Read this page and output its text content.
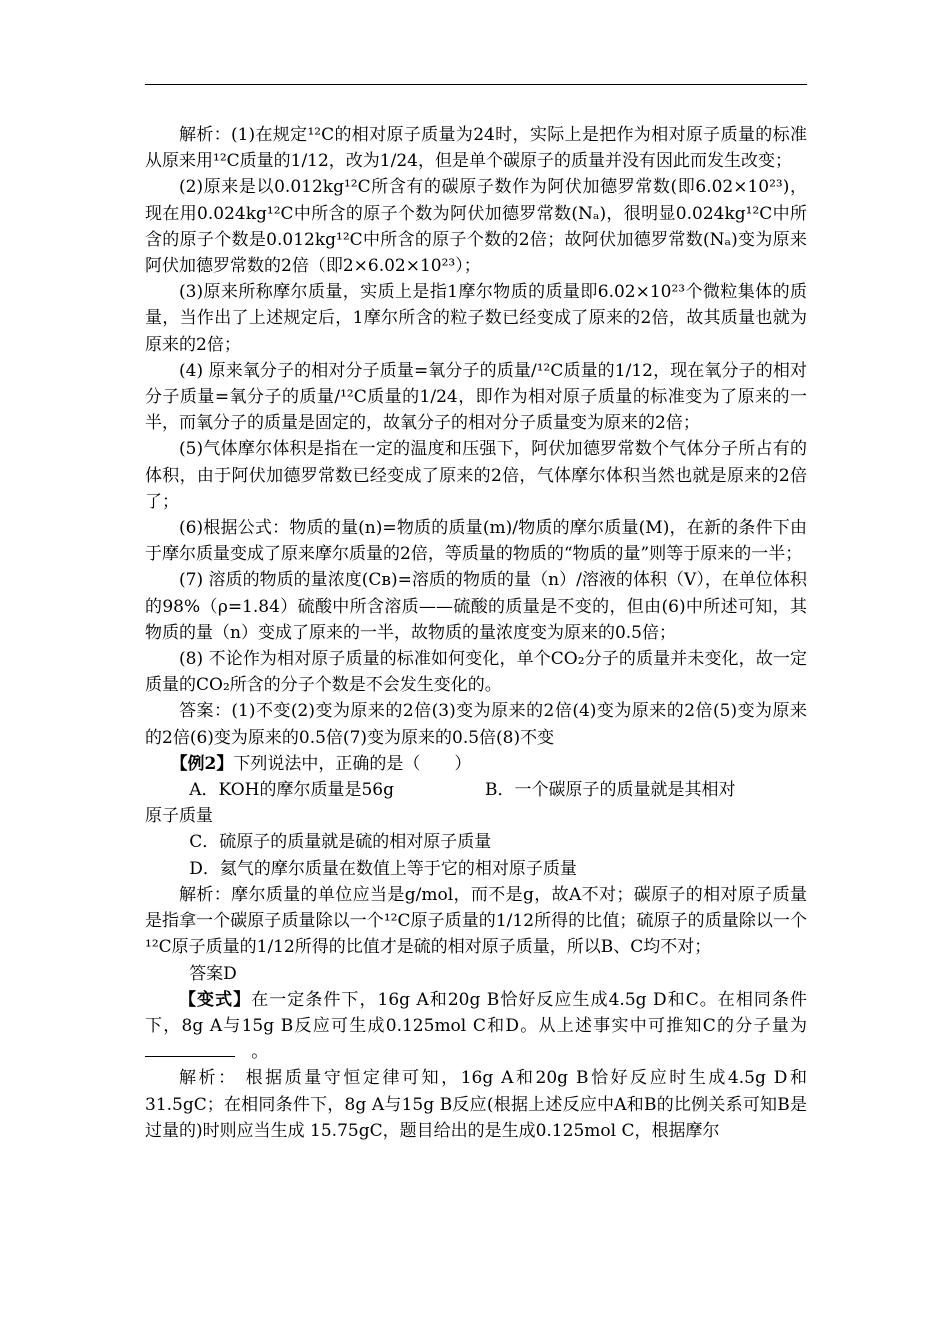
解析：(1)在规定¹²C的相对原子质量为24时，实际上是把作为相对原子质量的标准从原来用¹²C质量的1/12，改为1/24，但是单个碳原子的质量并没有因此而发生改变；

(2)原来是以0.012kg¹²C所含有的碳原子数作为阿伏加德罗常数(即6.02×10²³)，现在用0.024kg¹²C中所含的原子个数为阿伏加德罗常数(Nₐ)，很明显0.024kg¹²C中所含的原子个数是0.012kg¹²C中所含的原子个数的2倍；故阿伏加德罗常数(Nₐ)变为原来阿伏加德罗常数的2倍（即2×6.02×10²³）；

(3)原来所称摩尔质量，实质上是指1摩尔物质的质量即6.02×10²³个微粒集体的质量，当作出了上述规定后，1摩尔所含的粒子数已经变成了原来的2倍，故其质量也就为原来的2倍；

(4) 原来氧分子的相对分子质量=氧分子的质量/¹²C质量的1/12，现在氧分子的相对分子质量=氧分子的质量/¹²C质量的1/24，即作为相对原子质量的标准变为了原来的一半，而氧分子的质量是固定的，故氧分子的相对分子质量变为原来的2倍；

(5)气体摩尔体积是指在一定的温度和压强下，阿伏加德罗常数个气体分子所占有的体积，由于阿伏加德罗常数已经变成了原来的2倍，气体摩尔体积当然也就是原来的2倍了；

(6)根据公式：物质的量(n)=物质的质量(m)/物质的摩尔质量(M)，在新的条件下由于摩尔质量变成了原来摩尔质量的2倍，等质量的物质的“物质的量”则等于原来的一半；

(7) 溶质的物质的量浓度(Cʙ)=溶质的物质的量（n）/溶液的体积（V），在单位体积的98%（ρ=1.84）硫酸中所含溶质——硫酸的质量是不变的，但由(6)中所述可知，其物质的量（n）变成了原来的一半，故物质的量浓度变为原来的0.5倍；

(8) 不论作为相对原子质量的标准如何变化，单个CO₂分子的质量并未变化，故一定质量的CO₂所含的分子个数是不会发生变化的。

答案：(1)不变(2)变为原来的2倍(3)变为原来的2倍(4)变为原来的2倍(5)变为原来的2倍(6)变为原来的0.5倍(7)变为原来的0.5倍(8)不变

【例2】下列说法中，正确的是（　　）

A．KOH的摩尔质量是56g	B．一个碳原子的质量就是其相对

原子质量

C．硫原子的质量就是硫的相对原子质量

D．氦气的摩尔质量在数值上等于它的相对原子质量

解析：摩尔质量的单位应当是g/mol，而不是g，故A不对；碳原子的相对原子质量是指拿一个碳原子质量除以一个¹²C原子质量的1/12所得的比值；硫原子的质量除以一个¹²C原子质量的1/12所得的比值才是硫的相对原子质量，所以B、C均不对；

答案D

【变式】在一定条件下，16g A和20g B恰好反应生成4.5g D和C。在相同条件下，8g A与15g B反应可生成0.125mol C和D。从上述事实中可推知C的分子量为   。

解析： 根据质量守恒定律可知，16g A和20g B恰好反应时生成4.5g D和31.5gC；在相同条件下，8g A与15g B反应(根据上述反应中A和B的比例关系可知B是过量的)时则应当生成 15.75gC，题目给出的是生成0.125mol C，根据摩尔
